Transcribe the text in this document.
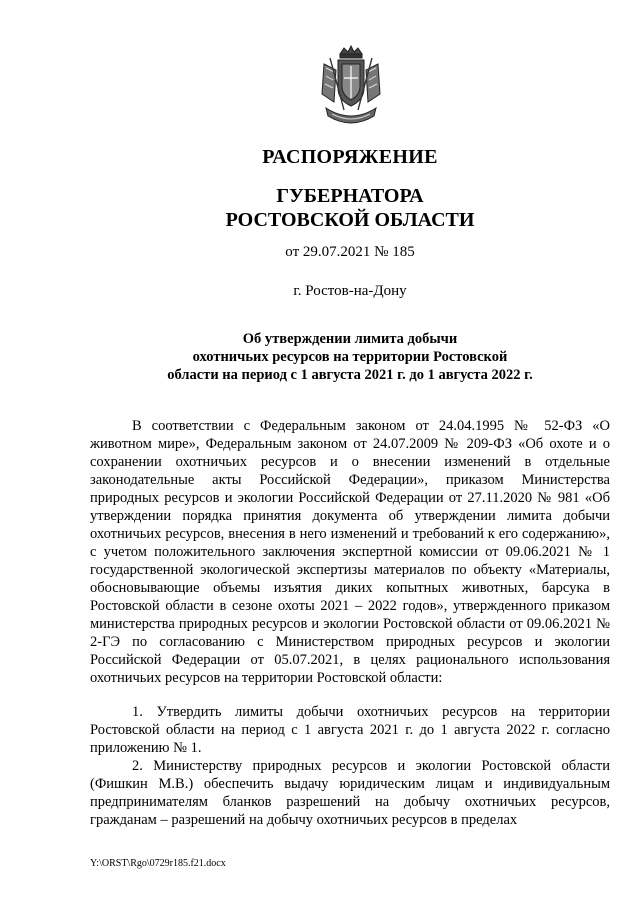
РАСПОРЯЖЕНИЕ
ГУБЕРНАТОРА
РОСТОВСКОЙ ОБЛАСТИ
от 29.07.2021 № 185
г. Ростов-на-Дону
Об утверждении лимита добычи
охотничьих ресурсов на территории Ростовской
области на период с 1 августа 2021 г. до 1 августа 2022 г.

В соответствии с Федеральным законом от 24.04.1995 № 52-ФЗ «О животном мире», Федеральным законом от 24.07.2009 № 209-ФЗ «Об охоте и о сохранении охотничьих ресурсов и о внесении изменений в отдельные законодательные акты Российской Федерации», приказом Министерства природных ресурсов и экологии Российской Федерации от 27.11.2020 № 981 «Об утверждении порядка принятия документа об утверждении лимита добычи охотничьих ресурсов, внесения в него изменений и требований к его содержанию», с учетом положительного заключения экспертной комиссии от 09.06.2021 № 1 государственной экологической экспертизы материалов по объекту «Материалы, обосновывающие объемы изъятия диких копытных животных, барсука в Ростовской области в сезоне охоты 2021 – 2022 годов», утвержденного приказом министерства природных ресурсов и экологии Ростовской области от 09.06.2021 № 2-ГЭ по согласованию с Министерством природных ресурсов и экологии Российской Федерации от 05.07.2021, в целях рационального использования охотничьих ресурсов на территории Ростовской области:

1. Утвердить лимиты добычи охотничьих ресурсов на территории Ростовской области на период с 1 августа 2021 г. до 1 августа 2022 г. согласно приложению № 1.

2. Министерству природных ресурсов и экологии Ростовской области (Фишкин М.В.) обеспечить выдачу юридическим лицам и индивидуальным предпринимателям бланков разрешений на добычу охотничьих ресурсов, гражданам – разрешений на добычу охотничьих ресурсов в пределах

Y:\ORST\Rgo\0729r185.f21.docx
